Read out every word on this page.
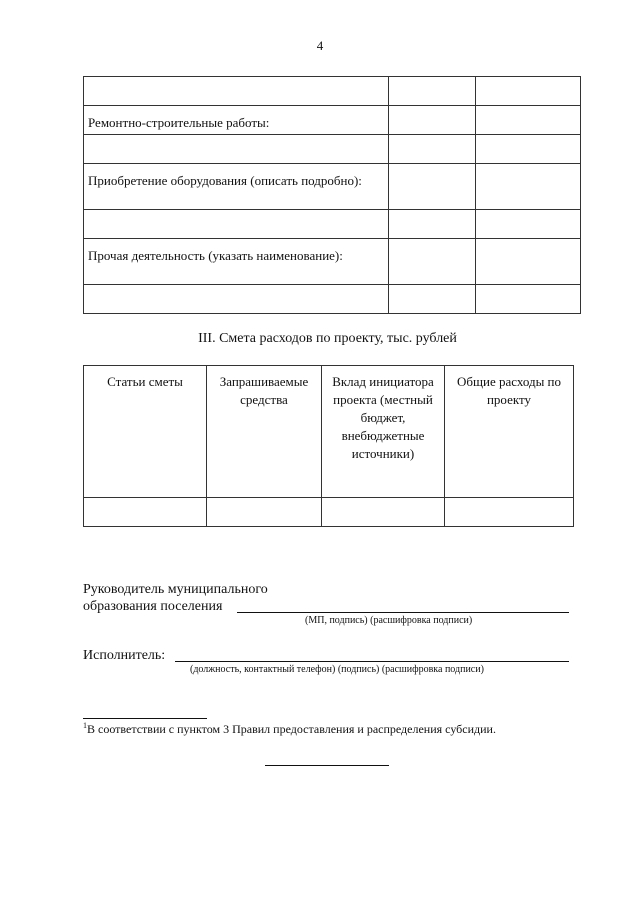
4

Ремонтно-строительные работы:		

Приобретение оборудования (описать подробно):		

Прочая деятельность (указать наименование):		

III. Смета расходов по проекту, тыс. рублей
Статьи сметы	Запрашиваемые средства	Вклад инициатора проекта (местный бюджет, внебюджетные источники)	Общие расходы по проекту

Руководитель муниципального
образования поселения
(МП, подпись) (расшифровка подписи)
Исполнитель:
(должность, контактный телефон) (подпись) (расшифровка подписи)
$^1$В соответствии с пунктом 3 Правил предоставления и распределения субсидии.
